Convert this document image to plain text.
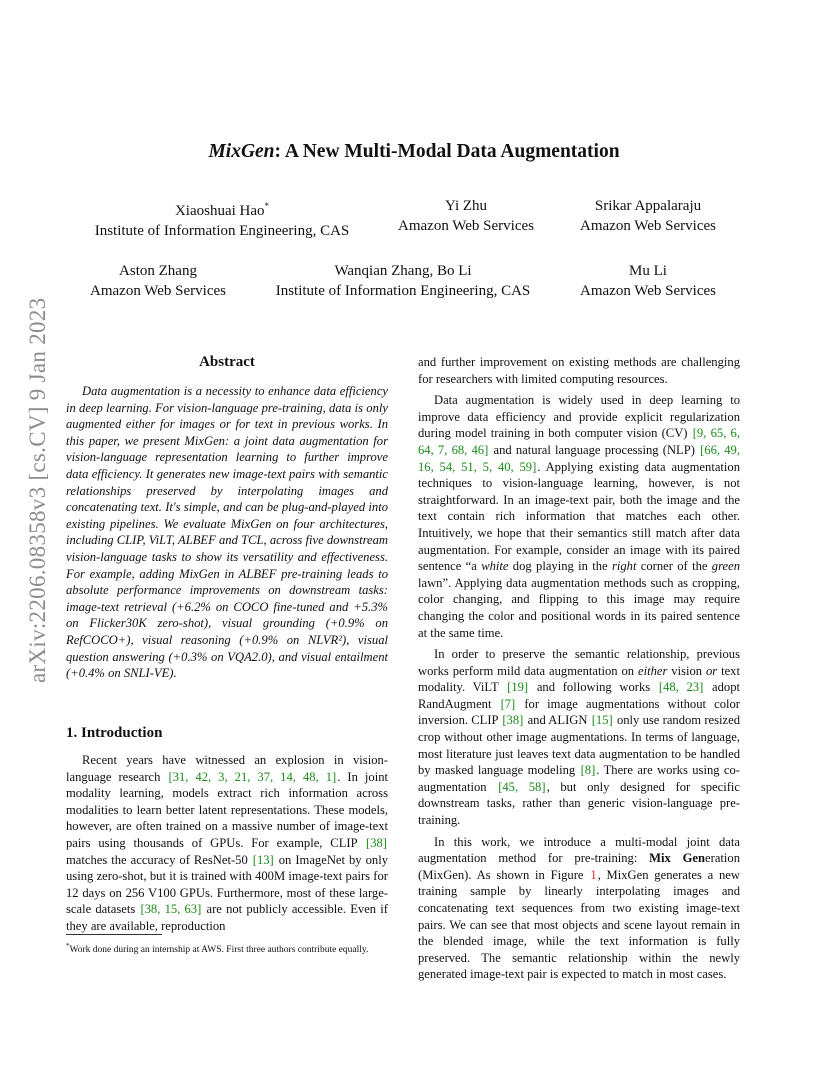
arXiv:2206.08358v3 [cs.CV] 9 Jan 2023
MixGen: A New Multi-Modal Data Augmentation
Xiaoshuai Hao*
Institute of Information Engineering, CAS
Yi Zhu
Amazon Web Services
Srikar Appalaraju
Amazon Web Services
Aston Zhang
Amazon Web Services
Wanqian Zhang, Bo Li
Institute of Information Engineering, CAS
Mu Li
Amazon Web Services
Abstract

Data augmentation is a necessity to enhance data efficiency in deep learning. For vision-language pre-training, data is only augmented either for images or for text in previous works. In this paper, we present MixGen: a joint data augmentation for vision-language representation learning to further improve data efficiency. It generates new image-text pairs with semantic relationships preserved by interpolating images and concatenating text. It's simple, and can be plug-and-played into existing pipelines. We evaluate MixGen on four architectures, including CLIP, ViLT, ALBEF and TCL, across five downstream vision-language tasks to show its versatility and effectiveness. For example, adding MixGen in ALBEF pre-training leads to absolute performance improvements on downstream tasks: image-text retrieval (+6.2% on COCO fine-tuned and +5.3% on Flicker30K zero-shot), visual grounding (+0.9% on RefCOCO+), visual reasoning (+0.9% on NLVR²), visual question answering (+0.3% on VQA2.0), and visual entailment (+0.4% on SNLI-VE).

1. Introduction

Recent years have witnessed an explosion in vision-language research [31, 42, 3, 21, 37, 14, 48, 1]. In joint modality learning, models extract rich information across modalities to learn better latent representations. These models, however, are often trained on a massive number of image-text pairs using thousands of GPUs. For example, CLIP [38] matches the accuracy of ResNet-50 [13] on ImageNet by only using zero-shot, but it is trained with 400M image-text pairs for 12 days on 256 V100 GPUs. Furthermore, most of these large-scale datasets [38, 15, 63] are not publicly accessible. Even if they are available, reproduction

*Work done during an internship at AWS. First three authors contribute equally.

and further improvement on existing methods are challenging for researchers with limited computing resources.

Data augmentation is widely used in deep learning to improve data efficiency and provide explicit regularization during model training in both computer vision (CV) [9, 65, 6, 64, 7, 68, 46] and natural language processing (NLP) [66, 49, 16, 54, 51, 5, 40, 59]. Applying existing data augmentation techniques to vision-language learning, however, is not straightforward. In an image-text pair, both the image and the text contain rich information that matches each other. Intuitively, we hope that their semantics still match after data augmentation. For example, consider an image with its paired sentence “a white dog playing in the right corner of the green lawn”. Applying data augmentation methods such as cropping, color changing, and flipping to this image may require changing the color and positional words in its paired sentence at the same time.

In order to preserve the semantic relationship, previous works perform mild data augmentation on either vision or text modality. ViLT [19] and following works [48, 23] adopt RandAugment [7] for image augmentations without color inversion. CLIP [38] and ALIGN [15] only use random resized crop without other image augmentations. In terms of language, most literature just leaves text data augmentation to be handled by masked language modeling [8]. There are works using co-augmentation [45, 58], but only designed for specific downstream tasks, rather than generic vision-language pre-training.

In this work, we introduce a multi-modal joint data augmentation method for pre-training: Mix Generation (MixGen). As shown in Figure 1, MixGen generates a new training sample by linearly interpolating images and concatenating text sequences from two existing image-text pairs. We can see that most objects and scene layout remain in the blended image, while the text information is fully preserved. The semantic relationship within the newly generated image-text pair is expected to match in most cases.
